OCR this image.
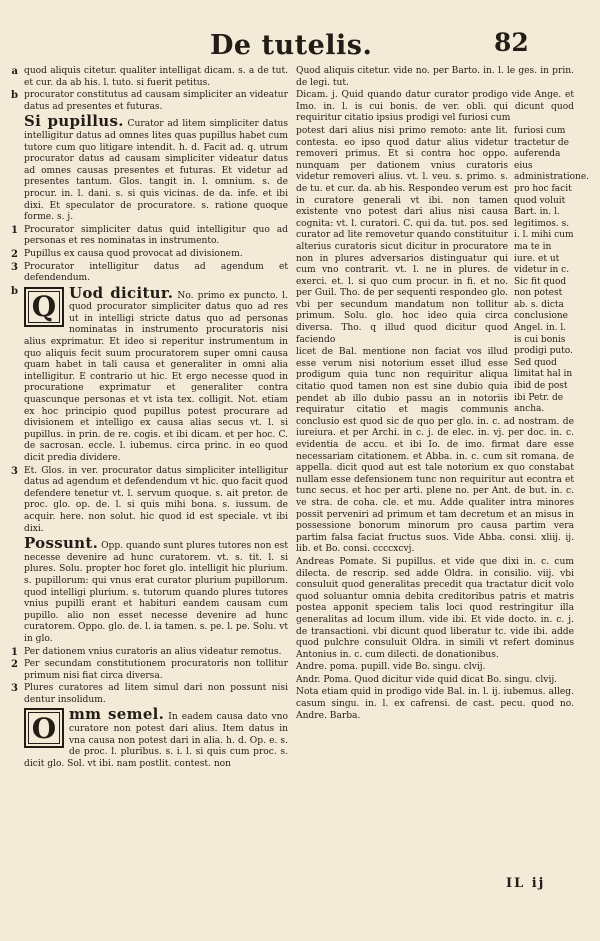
De tutelis.	82

a quod aliquis citetur. qualiter intelligat dicam. s. a de tut. et cur. da ab his. l. tuto. si fuerit petitus.

b procurator constitutus ad causam simpliciter an videatur datus ad presentes et futuras.

Si pupillus. Curator ad litem simpliciter datus intelligitur datus ad omnes lites quas pupillus habet cum tutore cum quo litigare intendit. h. d. Facit ad. q. utrum procurator datus ad causam simpliciter videatur datus ad omnes causas presentes et futuras. Et videtur ad presentes tantum. Glos. tangit in. l. omnium. s. de procur. in. l. dani. s. si quis vicinas. de da. infe. et ibi dixi. Et speculator de procuratore. s. ratione quoque forme. s. j.

1 Procurator simpliciter datus quid intelligitur quo ad personas et res nominatas in instrumento.

2 Pupillus ex causa quod provocat ad divisionem.

3 Procurator intelligitur datus ad agendum et defendendum.

b Q Uod dicitur. No. primo ex puncto. l. quod procurator simpliciter datus quo ad res ut in intelligi stricte datus quo ad personas nominatas in instrumento procuratoris nisi alius exprimatur. Et ideo si reperitur instrumentum in quo aliquis fecit suum procuratorem super omni causa quam habet in tali causa et generaliter in omni alia intelligitur. E contrario ut hic. Et ergo necesse quod in procuratione exprimatur et generaliter contra quascunque personas et vt ista tex. colligit. Not. etiam ex hoc principio quod pupillus potest procurare ad divisionem et intelligo ex causa alias secus vt. l. si pupillus. in prin. de re. cogis. et ibi dicam. et per hoc. C. de sacrosan. eccle. l. iubemus. circa princ. in eo quod dicit predia dividere.

3 Et. Glos. in ver. procurator datus simpliciter intelligitur datus ad agendum et defendendum vt hic. quo facit quod defendere tenetur vt. l. servum quoque. s. ait pretor. de proc. glo. op. de. l. si quis mihi bona. s. iussum. de acquir. here. non solut. hic quod id est speciale. vt ibi dixi.

Possunt. Opp. quando sunt plures tutores non est necesse devenire ad hunc curatorem. vt. s. tit. l. si plures. Solu. propter hoc foret glo. intelligit hic plurium. s. pupillorum: qui vnus erat curator plurium pupillorum. quod intelligi plurium. s. tutorum quando plures tutores vnius pupilli erant et habituri eandem causam cum pupillo. alio non esset necesse devenire ad hunc curatorem. Oppo. glo. de. l. ia tamen. s. pe. l. pe. Solu. vt in glo.

1 Per dationem vnius curatoris an alius videatur remotus.

2 Per secundam constitutionem procuratoris non tollitur primum nisi fiat circa diversa.

3 Plures curatores ad litem simul dari non possunt nisi dentur insolidum.

O mm semel. In eadem causa dato vno curatore non potest dari alius. Item datus in vna causa non potest dari in alia. h. d. Op. e. s. de proc. l. pluribus. s. i. l. si quis cum proc. s. dicit glo. Sol. vt ibi. nam postlit. contest. non

Quod aliquis citetur. vide no. per Barto. in. l. le ges. in prin. de legi. tut.

Dicam. j. Quid quando datur curator prodigo vide Ange. et Imo. in. l. is cui bonis. de ver. obli. qui dicunt quod requiritur citatio ipsius prodigi vel furiosi cum

furiosi cum tractetur de auferenda eius administratione. pro hoc facit quod voluit Bart. in. l. legitimos. s. i. l. mihi cum ma te in iure. et ut videtur in c. Sic fit quod non potest ab. s. dicta conclusione Angel. in. l. is cui bonis prodigi puto. Sed quod limitat hal in ibid de post ibi Petr. de ancha.
potest dari alius nisi primo remoto: ante lit. contesta. eo ipso quod datur alius videtur removeri primus. Et si contra hoc oppo. nunquam per dationem vnius curatoris videtur removeri alius. vt. l. veu. s. primo. s. de tu. et cur. da. ab his. Respondeo verum est in curatore generali vt ibi. non tamen existente vno potest dari alius nisi causa cognita: vt. l. curatori. C. qui da. tut. pos. sed curator ad lite removetur quando constituitur alterius curatoris sicut dicitur in procuratore non in plures adversarios distinguatur qui cum vno contrarit. vt. l. ne in plures. de exerci. et. l. si quo cum procur. in fi. et no. per Guil. Tho. de per sequenti respondeo glo. vbi per secundum mandatum non tollitur primum. Solu. glo. hoc ideo quia circa diversa. Tho. q illud quod dicitur quod faciendo

licet de Bal. mentione non faciat vos illud esse verum nisi notorium esset illud esse prodigum quia tunc non requiritur aliqua citatio quod tamen non est sine dubio quia pendet ab illo dubio passu an in notoriis requiratur citatio et magis communis conclusio est quod sic de quo per glo. in. c. ad nostram. de iureiura. et per Archi. in c. j. de elec. in. vj. per doc. in. c. evidentia de accu. et ibi Io. de imo. firmat dare esse necessariam citationem. et Abba. in. c. cum sit romana. de appella. dicit quod aut est tale notorium ex quo constabat nullam esse defensionem tunc non requiritur aut econtra et tunc secus. et hoc per arti. plene no. per Ant. de but. in. c. ve stra. de coha. cle. et mu. Adde qualiter intra minores possit perveniri ad primum et tam decretum et an misus in possessione bonorum minorum pro causa partim vera partim falsa faciat fructus suos. Vide Abba. consi. xliij. ij. lib. et Bo. consi. ccccxcvj.

Andreas Pomate. Si pupillus. et vide que dixi in. c. cum dilecta. de rescrip. sed adde Oldra. in consilio. viij. vbi consuluit quod generalitas precedit qua tractatur dicit volo quod soluantur omnia debita creditoribus patris et matris postea apponit speciem talis loci quod restringitur illa generalitas ad locum illum. vide ibi. Et vide docto. in. c. j. de transactioni. vbi dicunt quod liberatur tc. vide ibi. adde quod pulchre consuluit Oldra. in simili vt refert dominus Antonius in. c. cum dilecti. de donationibus.

Andre. poma. pupill. vide Bo. singu. clvij.

Andr. Poma. Quod dicitur vide quid dicat Bo. singu. clvij.

Nota etiam quid in prodigo vide Bal. in. l. ij. iubemus. alleg. casum singu. in. l. ex cafrensi. de cast. pecu. quod no. Andre. Barba.

IL ij
